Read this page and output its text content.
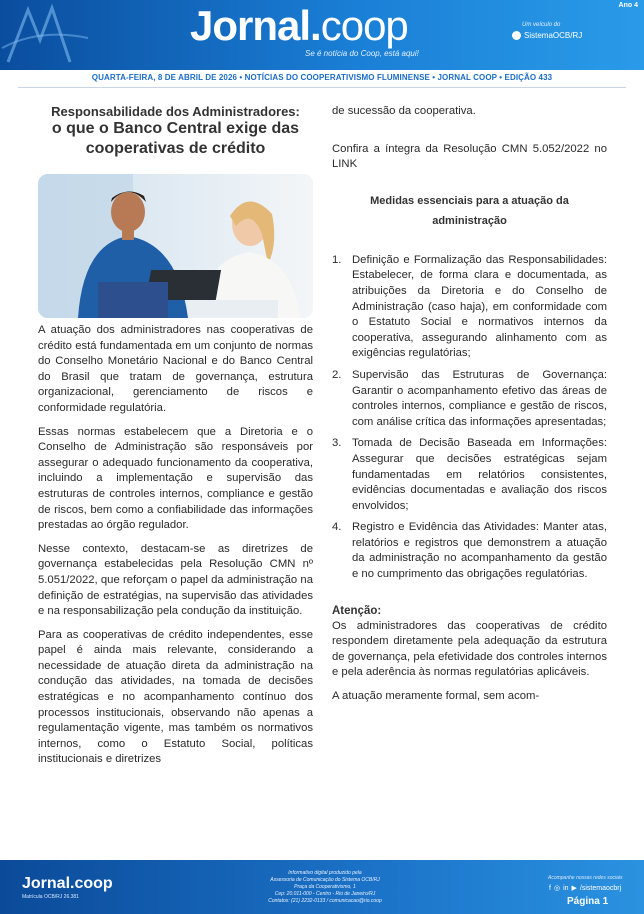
Ano 4
Jornal.coop
Se é notícia do Coop, está aqui!
Um veículo do
SistemaOCB/RJ
QUARTA-FEIRA, 8 DE ABRIL DE 2026 • NOTÍCIAS DO COOPERATIVISMO FLUMINENSE • JORNAL COOP • EDIÇÃO 433
Responsabilidade dos Administradores:
o que o Banco Central exige das
cooperativas de crédito

A atuação dos administradores nas cooperativas de crédito está fundamentada em um conjunto de normas do Conselho Monetário Nacional e do Banco Central do Brasil que tratam de governança, estrutura organizacional, gerenciamento de riscos e conformidade regulatória.

Essas normas estabelecem que a Diretoria e o Conselho de Administração são responsáveis por assegurar o adequado funcionamento da cooperativa, incluindo a implementação e supervisão das estruturas de controles internos, compliance e gestão de riscos, bem como a confiabilidade das informações prestadas ao órgão regulador.

Nesse contexto, destacam-se as diretrizes de governança estabelecidas pela Resolução CMN nº 5.051/2022, que reforçam o papel da administração na definição de estratégias, na supervisão das atividades e na responsabilização pela condução da instituição.

Para as cooperativas de crédito independentes, esse papel é ainda mais relevante, considerando a necessidade de atuação direta da administração na condução das atividades, na tomada de decisões estratégicas e no acompanhamento contínuo dos processos institucionais, observando não apenas a regulamentação vigente, mas também os normativos internos, como o Estatuto Social, políticas institucionais e diretrizes

de sucessão da cooperativa.

Confira a íntegra da Resolução CMN 5.052/2022 no LINK

Medidas essenciais para a atuação da
administração
1. Definição e Formalização das Responsabilidades: Estabelecer, de forma clara e documentada, as atribuições da Diretoria e do Conselho de Administração (caso haja), em conformidade com o Estatuto Social e normativos internos da cooperativa, assegurando alinhamento com as exigências regulatórias;
2. Supervisão das Estruturas de Governança: Garantir o acompanhamento efetivo das áreas de controles internos, compliance e gestão de riscos, com análise crítica das informações apresentadas;
3. Tomada de Decisão Baseada em Informações: Assegurar que decisões estratégicas sejam fundamentadas em relatórios consistentes, evidências documentadas e avaliação dos riscos envolvidos;
4. Registro e Evidência das Atividades: Manter atas, relatórios e registros que demonstrem a atuação da administração no acompanhamento da gestão e no cumprimento das obrigações regulatórias.
Atenção:

Os administradores das cooperativas de crédito respondem diretamente pela adequação da estrutura de governança, pela efetividade dos controles internos e pela aderência às normas regulatórias aplicáveis.

A atuação meramente formal, sem acom-

Jornal.coop
Matrícula OCB/RJ 26.381
Informativo digital produzido pela
Assessoria de Comunicação do Sistema OCB/RJ
Praça da Cooperativismo, 1
Cep: 20.011-000 - Centro - Rio de Janeiro/RJ
Contatos: (21) 2232-0133 / comunicacao@rio.coop
Acompanhe nossas redes sociais
f ◎ in ▶ /sistemaocbrj
Página 1
